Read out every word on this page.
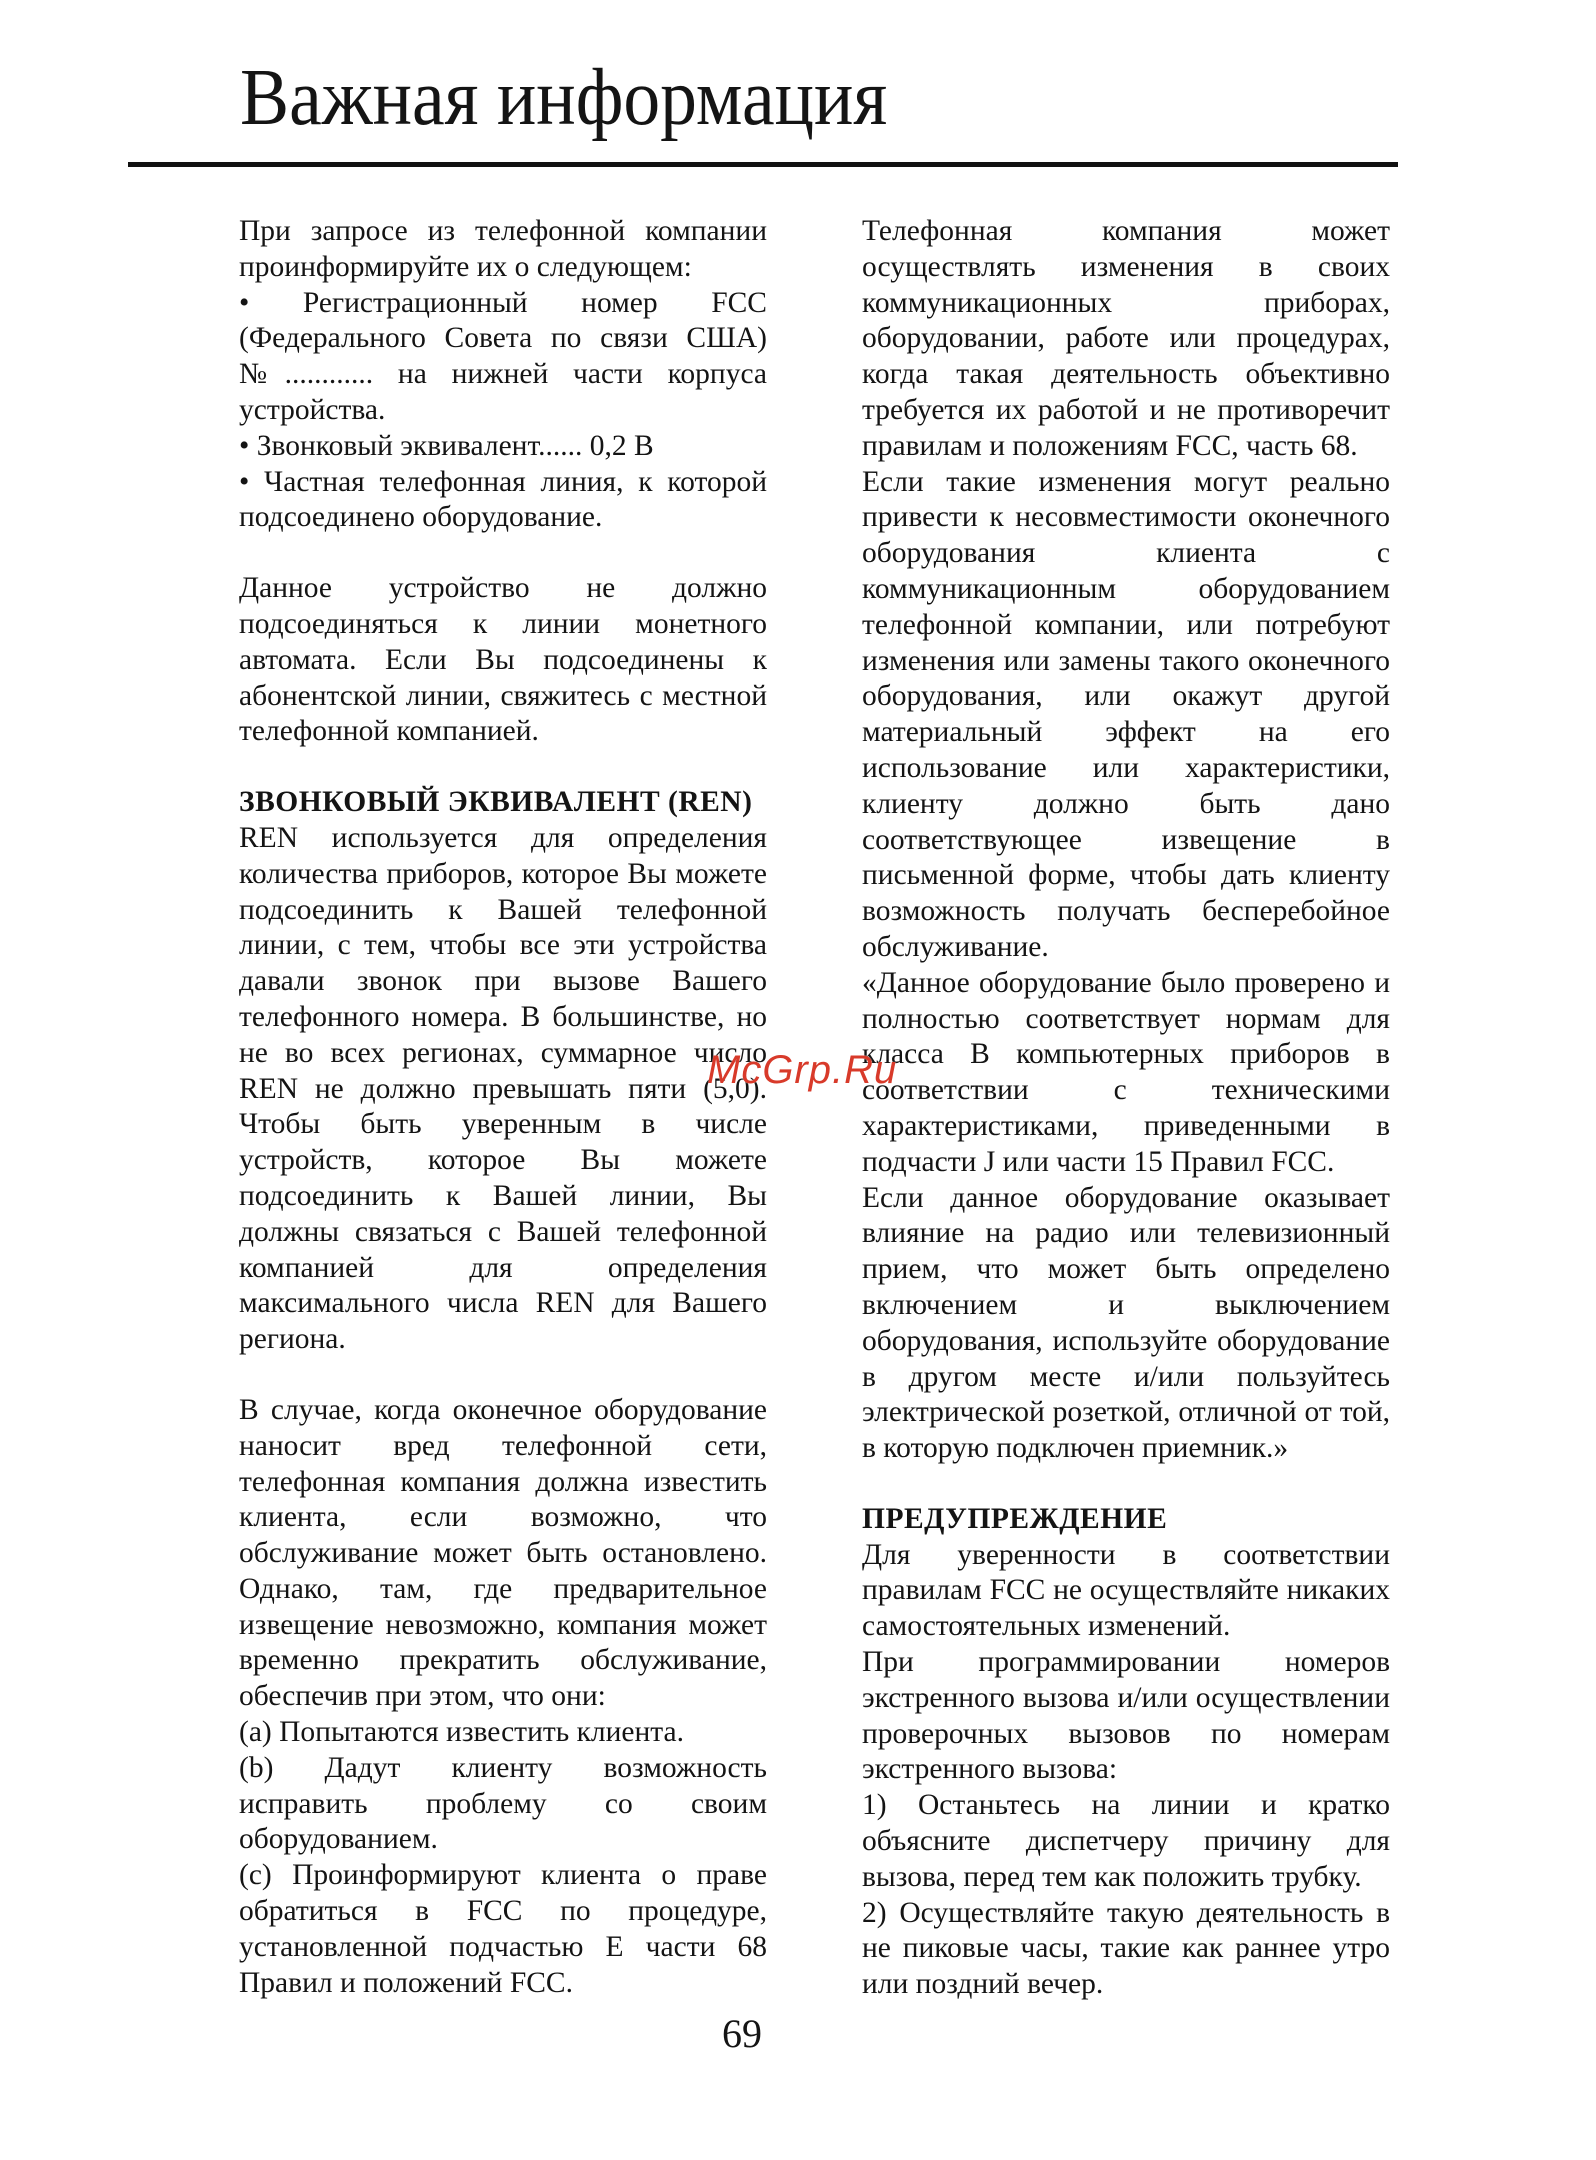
Важная информация

При запросе из телефонной компании проинформируйте их о следующем:

• Регистрационный номер FCC (Федерального Совета по связи США) №............ на нижней части корпуса устройства.

• Звонковый эквивалент...... 0,2 В

• Частная телефонная линия, к которой подсоединено оборудование.

Данное устройство не должно подсоединяться к линии монетного автомата. Если Вы подсоединены к абонентской линии, свяжитесь с местной телефонной компанией.

ЗВОНКОВЫЙ ЭКВИВАЛЕНТ (REN)

REN используется для определения количества приборов, которое Вы можете подсоединить к Вашей телефонной линии, с тем, чтобы все эти устройства давали звонок при вызове Вашего телефонного номера. В большинстве, но не во всех регионах, суммарное число REN не должно превышать пяти (5,0). Чтобы быть уверенным в числе устройств, которое Вы можете подсоединить к Вашей линии, Вы должны связаться с Вашей телефонной компанией для определения максимального числа REN для Вашего региона.

В случае, когда оконечное оборудование наносит вред телефонной сети, телефонная компания должна известить клиента, если возможно, что обслуживание может быть остановлено. Однако, там, где предварительное извещение невозможно, компания может временно прекратить обслуживание, обеспечив при этом, что они:

(a) Попытаются известить клиента.

(b) Дадут клиенту возможность исправить проблему со своим оборудованием.

(c) Проинформируют клиента о праве обратиться в FCC по процедуре, установленной подчастью E части 68 Правил и положений FCC.

Телефонная компания может осуществлять изменения в своих коммуникационных приборах, оборудовании, работе или процедурах, когда такая деятельность объективно требуется их работой и не противоречит правилам и положениям FCC, часть 68.

Если такие изменения могут реально привести к несовместимости оконечного оборудования клиента с коммуникационным оборудованием телефонной компании, или потребуют изменения или замены такого оконечного оборудования, или окажут другой материальный эффект на его использование или характеристики, клиенту должно быть дано соответствующее извещение в письменной форме, чтобы дать клиенту возможность получать бесперебойное обслуживание.

«Данное оборудование было проверено и полностью соответствует нормам для класса B компьютерных приборов в соответствии с техническими характеристиками, приведенными в подчасти J или части 15 Правил FCC.

Если данное оборудование оказывает влияние на радио или телевизионный прием, что может быть определено включением и выключением оборудования, используйте оборудование в другом месте и/или пользуйтесь электрической розеткой, отличной от той, в которую подключен приемник.»

ПРЕДУПРЕЖДЕНИЕ

Для уверенности в соответствии правилам FCC не осуществляйте никаких самостоятельных изменений.

При программировании номеров экстренного вызова и/или осуществлении проверочных вызовов по номерам экстренного вызова:

1) Останьтесь на линии и кратко объясните диспетчеру причину для вызова, перед тем как положить трубку.

2) Осуществляйте такую деятельность в не пиковые часы, такие как раннее утро или поздний вечер.

McGrp.Ru
69
